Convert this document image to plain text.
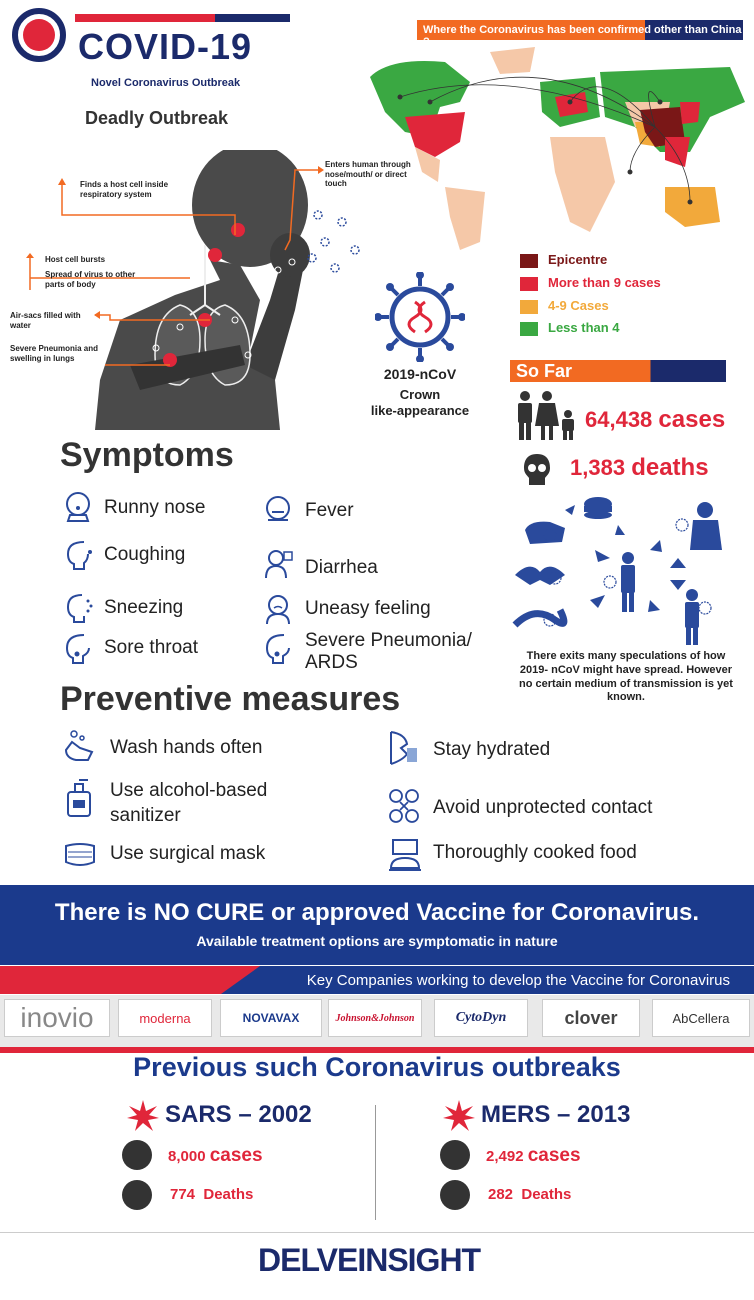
COVID-19
Novel Coronavirus Outbreak
Deadly Outbreak
Finds a host cell inside respiratory system
Enters human through nose/mouth/ or direct touch
Host cell bursts
Spread of virus to other parts of body
Air-sacs filled with water
Severe Pneumonia and swelling in lungs
2019-nCoV
Crown
like-appearance
Where the Coronavirus has been confirmed other than China ?
Epicentre
More than 9 cases
4-9 Cases
Less than 4
So Far
64,438 cases
1,383 deaths
There exits many speculations of how 2019- nCoV might have spread. However no certain medium of transmission is yet known.
Symptoms
Runny nose
Coughing
Sneezing
Sore throat
Fever
Diarrhea
Uneasy feeling
Severe Pneumonia/
ARDS
Preventive measures
Wash hands often
Use alcohol-based
sanitizer
Use surgical mask
Stay hydrated
Avoid unprotected contact
Thoroughly cooked food
There is NO CURE or approved Vaccine for Coronavirus.

Available treatment options are symptomatic in nature

Key Companies working to develop the Vaccine for Coronavirus
inovio	moderna	NOVAVAX	Johnson&Johnson	CytoDyn	clover	AbCellera
Previous such Coronavirus outbreaks
SARS – 2002
8,000 cases
774 Deaths
MERS – 2013
2,492 cases
282 Deaths
DELVEINSIGHT
